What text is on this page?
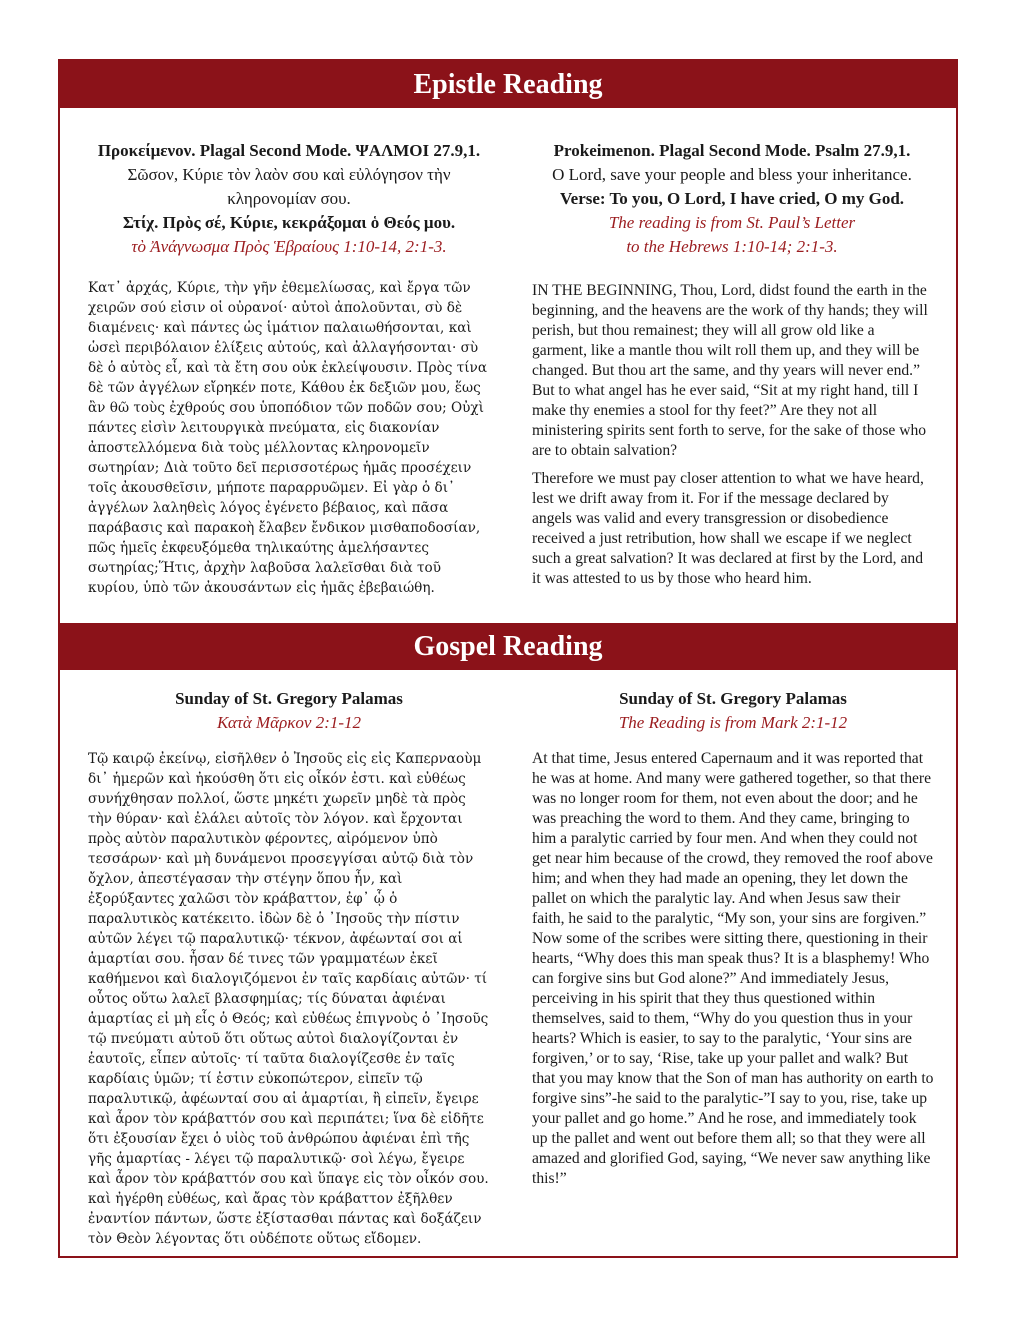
Epistle Reading
Προκείμενον. Plagal Second Mode. ΨΑΛΜΟΙ 27.9,1.
Σῶσον, Κύριε τὸν λαὸν σου καὶ εὐλόγησον τὴν
κληρονομίαν σου.
Στίχ. Πρὸς σέ, Κύριε, κεκράξομαι ὁ Θεός μου.
τὸ Ἀνάγνωσμα Πρὸς Ἑβραίους 1:10-14, 2:1-3.

Κατ᾽ ἀρχάς, Κύριε, τὴν γῆν ἐθεμελίωσας, καὶ ἔργα τῶν χειρῶν σού εἰσιν οἱ οὐρανοί· αὐτοὶ ἀπολοῦνται, σὺ δὲ διαμένεις· καὶ πάντες ὡς ἱμάτιον παλαιωθήσονται, καὶ ὡσεὶ περιβόλαιον ἑλίξεις αὐτούς, καὶ ἀλλαγήσονται· σὺ δὲ ὁ αὐτὸς εἶ, καὶ τὰ ἔτη σου οὐκ ἐκλείψουσιν. Πρὸς τίνα δὲ τῶν ἀγγέλων εἴρηκέν ποτε, Κάθου ἐκ δεξιῶν μου, ἕως ἂν θῶ τοὺς ἐχθρούς σου ὑποπόδιον τῶν ποδῶν σου; Οὐχὶ πάντες εἰσὶν λειτουργικὰ πνεύματα, εἰς διακονίαν ἀποστελλόμενα διὰ τοὺς μέλλοντας κληρονομεῖν σωτηρίαν; Διὰ τοῦτο δεῖ περισσοτέρως ἡμᾶς προσέχειν τοῖς ἀκουσθεῖσιν, μήποτε παραρρυῶμεν. Εἰ γὰρ ὁ δι᾽ ἀγγέλων λαληθεὶς λόγος ἐγένετο βέβαιος, καὶ πᾶσα παράβασις καὶ παρακοὴ ἔλαβεν ἔνδικον μισθαποδοσίαν, πῶς ἡμεῖς ἐκφευξόμεθα τηλικαύτης ἀμελήσαντες σωτηρίας;Ἥτις, ἀρχὴν λαβοῦσα λαλεῖσθαι διὰ τοῦ κυρίου, ὑπὸ τῶν ἀκουσάντων εἰς ἡμᾶς ἐβεβαιώθη.

Prokeimenon. Plagal Second Mode. Psalm 27.9,1.
O Lord, save your people and bless your inheritance.
Verse: To you, O Lord, I have cried, O my God.
The reading is from St. Paul’s Letter
to the Hebrews 1:10-14; 2:1-3.

IN THE BEGINNING, Thou, Lord, didst found the earth in the beginning, and the heavens are the work of thy hands; they will perish, but thou remainest; they will all grow old like a garment, like a mantle thou wilt roll them up, and they will be changed. But thou art the same, and thy years will never end.” But to what angel has he ever said, “Sit at my right hand, till I make thy enemies a stool for thy feet?” Are they not all ministering spirits sent forth to serve, for the sake of those who are to obtain salvation?

Therefore we must pay closer attention to what we have heard, lest we drift away from it. For if the message declared by angels was valid and every transgression or disobedience received a just retribution, how shall we escape if we neglect such a great salvation? It was declared at first by the Lord, and it was attested to us by those who heard him.

Gospel Reading
Sunday of St. Gregory Palamas
Κατὰ Μᾶρκον 2:1-12

Τῷ καιρῷ ἐκείνῳ, εἰσῆλθεν ὁ Ἰησοῦς εἰς εἰς Καπερναοὺμ δι᾽ ἡμερῶν καὶ ἠκούσθη ὅτι εἰς οἶκόν ἐστι. καὶ εὐθέως συνήχθησαν πολλοί, ὥστε μηκέτι χωρεῖν μηδὲ τὰ πρὸς τὴν θύραν· καὶ ἐλάλει αὐτοῖς τὸν λόγον. καὶ ἔρχονται πρὸς αὐτὸν παραλυτικὸν φέροντες, αἰρόμενον ὑπὸ τεσσάρων· καὶ μὴ δυνάμενοι προσεγγίσαι αὐτῷ διὰ τὸν ὄχλον, ἀπεστέγασαν τὴν στέγην ὅπου ἦν, καὶ ἐξορύξαντες χαλῶσι τὸν κράβαττον, ἐφ᾽ ᾧ ὁ παραλυτικὸς κατέκειτο. ἰδὼν δὲ ὁ ᾿Ιησοῦς τὴν πίστιν αὐτῶν λέγει τῷ παραλυτικῷ· τέκνον, ἀφέωνταί σοι αἱ ἁμαρτίαι σου. ἦσαν δέ τινες τῶν γραμματέων ἐκεῖ καθήμενοι καὶ διαλογιζόμενοι ἐν ταῖς καρδίαις αὐτῶν· τί οὗτος οὕτω λαλεῖ βλασφημίας; τίς δύναται ἀφιέναι ἁμαρτίας εἰ μὴ εἷς ὁ Θεός; καὶ εὐθέως ἐπιγνοὺς ὁ ᾿Ιησοῦς τῷ πνεύματι αὐτοῦ ὅτι οὕτως αὐτοὶ διαλογίζονται ἐν ἑαυτοῖς, εἶπεν αὐτοῖς· τί ταῦτα διαλογίζεσθε ἐν ταῖς καρδίαις ὑμῶν; τί ἐστιν εὐκοπώτερον, εἰπεῖν τῷ παραλυτικῷ, ἀφέωνταί σου αἱ ἁμαρτίαι, ἢ εἰπεῖν, ἔγειρε καὶ ἆρον τὸν κράβαττόν σου καὶ περιπάτει; ἵνα δὲ εἰδῆτε ὅτι ἐξουσίαν ἔχει ὁ υἱὸς τοῦ ἀνθρώπου ἀφιέναι ἐπὶ τῆς γῆς ἁμαρτίας - λέγει τῷ παραλυτικῷ· σοὶ λέγω, ἔγειρε καὶ ἆρον τὸν κράβαττόν σου καὶ ὕπαγε εἰς τὸν οἶκόν σου. καὶ ἠγέρθη εὐθέως, καὶ ἄρας τὸν κράβαττον ἐξῆλθεν ἐναντίον πάντων, ὥστε ἐξίστασθαι πάντας καὶ δοξάζειν τὸν Θεὸν λέγοντας ὅτι οὐδέποτε οὕτως εἴδομεν.

Sunday of St. Gregory Palamas
The Reading is from Mark 2:1-12

At that time, Jesus entered Capernaum and it was reported that he was at home. And many were gathered together, so that there was no longer room for them, not even about the door; and he was preaching the word to them. And they came, bringing to him a paralytic carried by four men. And when they could not get near him because of the crowd, they removed the roof above him; and when they had made an opening, they let down the pallet on which the paralytic lay. And when Jesus saw their faith, he said to the paralytic, “My son, your sins are forgiven.” Now some of the scribes were sitting there, questioning in their hearts, “Why does this man speak thus? It is a blasphemy! Who can forgive sins but God alone?” And immediately Jesus, perceiving in his spirit that they thus questioned within themselves, said to them, “Why do you question thus in your hearts? Which is easier, to say to the paralytic, ‘Your sins are forgiven,’ or to say, ‘Rise, take up your pallet and walk? But that you may know that the Son of man has authority on earth to forgive sins”-he said to the paralytic-”I say to you, rise, take up your pallet and go home.” And he rose, and immediately took up the pallet and went out before them all; so that they were all amazed and glorified God, saying, “We never saw anything like this!”
